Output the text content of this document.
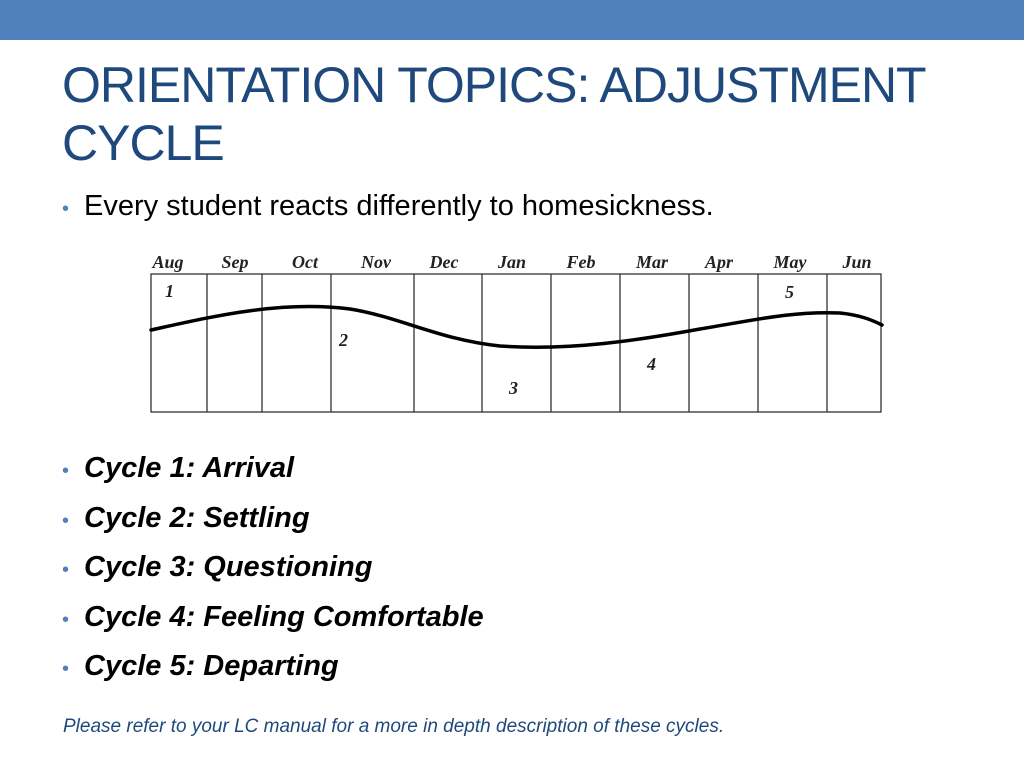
ORIENTATION TOPICS: ADJUSTMENT
CYCLE
• Every student reacts differently to homesickness.
Aug Sep Oct Nov Dec Jan Feb Mar Apr May Jun
1
2
3
4
5
• Cycle 1: Arrival
• Cycle 2: Settling
• Cycle 3: Questioning
• Cycle 4: Feeling Comfortable
• Cycle 5: Departing
Please refer to your LC manual for a more in depth description of these cycles.
